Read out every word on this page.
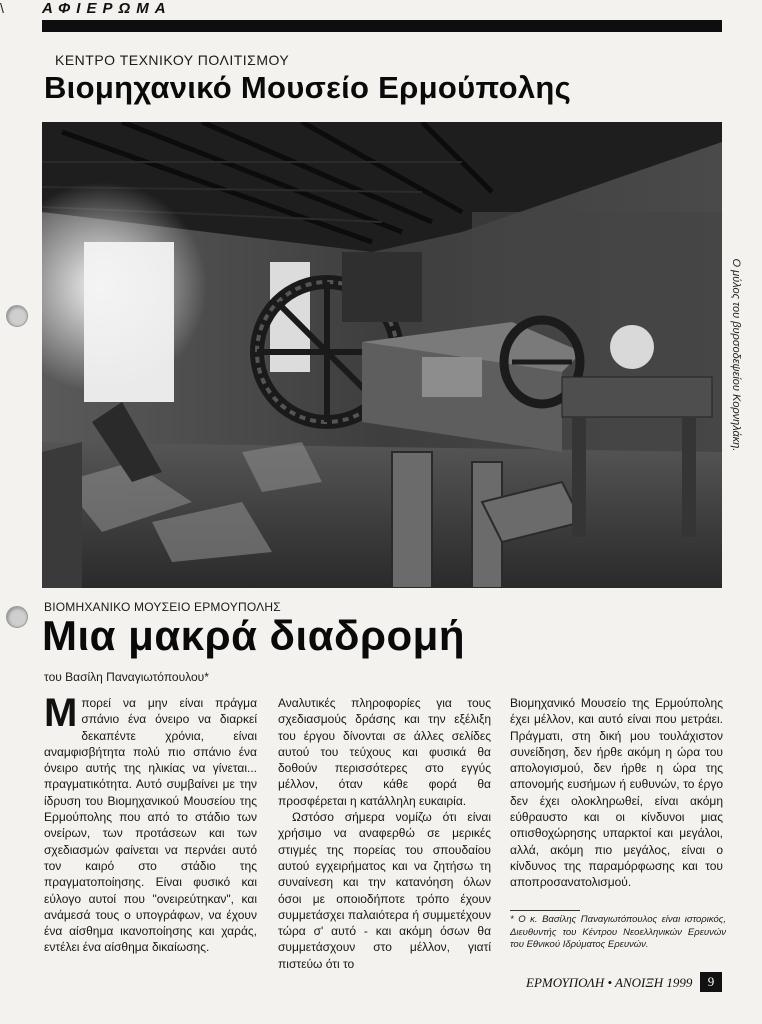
\	ΑΦΙΕΡΩΜΑ
ΚΕΝΤΡΟ ΤΕΧΝΙΚΟΥ ΠΟΛΙΤΙΣΜΟΥ
Βιομηχανικό Μουσείο Ερμούπολης
Ο μύλος του βυρσοδεψείου Κορνηλάκη.
ΒΙΟΜΗΧΑΝΙΚΟ ΜΟΥΣΕΙΟ ΕΡΜΟΥΠΟΛΗΣ
Μια μακρά διαδρομή
του Βασίλη Παναγιωτόπουλου*

Μπορεί να μην είναι πράγμα σπάνιο ένα όνειρο να διαρκεί δεκαπέντε χρόνια, είναι αναμφισβήτητα πολύ πιο σπάνιο ένα όνειρο αυτής της ηλικίας να γίνεται... πραγματικότητα. Αυτό συμβαίνει με την ίδρυση του Βιομηχανικού Μουσείου της Ερμούπολης που από το στάδιο των ονείρων, των προτάσεων και των σχεδιασμών φαίνεται να περνάει αυτό τον καιρό στο στάδιο της πραγματοποίησης. Είναι φυσικό και εύλογο αυτοί που "ονειρεύτηκαν", και ανάμεσά τους ο υπογράφων, να έχουν ένα αίσθημα ικανοποίησης και χαράς, εντέλει ένα αίσθημα δικαίωσης.

Αναλυτικές πληροφορίες για τους σχεδιασμούς δράσης και την εξέλιξη του έργου δίνονται σε άλλες σελίδες αυτού του τεύχους και φυσικά θα δοθούν περισσότερες στο εγγύς μέλλον, όταν κάθε φορά θα προσφέρεται η κατάλληλη ευκαιρία.

Ωστόσο σήμερα νομίζω ότι είναι χρήσιμο να αναφερθώ σε μερικές στιγμές της πορείας του σπουδαίου αυτού εγχειρήματος και να ζητήσω τη συναίνεση και την κατανόηση όλων όσοι με οποιοδήποτε τρόπο έχουν συμμετάσχει παλαιότερα ή συμμετέχουν τώρα σ' αυτό - και ακόμη όσων θα συμμετάσχουν στο μέλλον, γιατί πιστεύω ότι το

Βιομηχανικό Μουσείο της Ερμούπολης έχει μέλλον, και αυτό είναι που μετράει. Πράγματι, στη δική μου τουλάχιστον συνείδηση, δεν ήρθε ακόμη η ώρα του απολογισμού, δεν ήρθε η ώρα της απονομής ευσήμων ή ευθυνών, το έργο δεν έχει ολοκληρωθεί, είναι ακόμη εύθραυστο και οι κίνδυνοι μιας οπισθοχώρησης υπαρκτοί και μεγάλοι, αλλά, ακόμη πιο μεγάλος, είναι ο κίνδυνος της παραμόρφωσης και του αποπροσανατολισμού.

* Ο κ. Βασίλης Παναγιωτόπουλος είναι ιστορικός, Διευθυντής του Κέντρου Νεοελληνικών Ερευνών του Εθνικού Ιδρύματος Ερευνών.
ΕΡΜΟΥΠΟΛΗ • ΑΝΟΙΞΗ 1999	9
